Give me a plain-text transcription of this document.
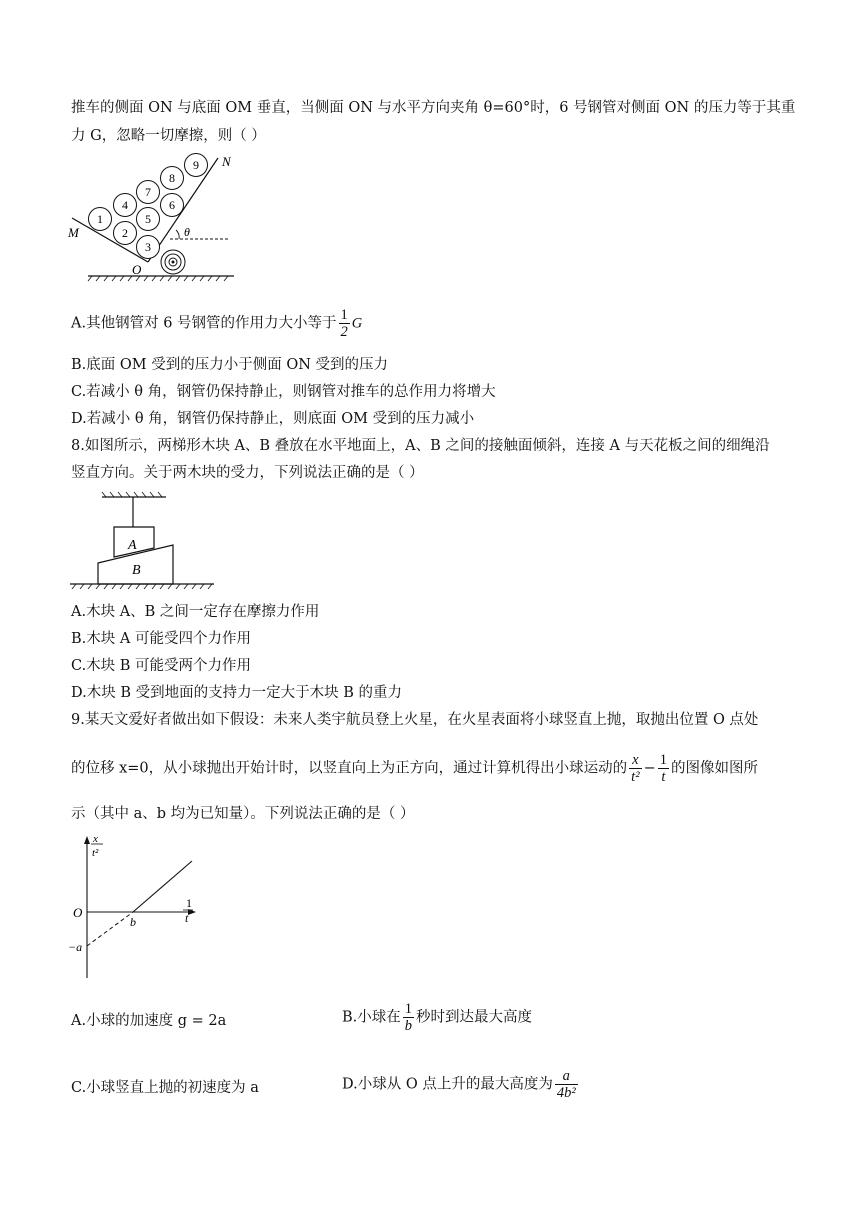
推车的侧面 ON 与底面 OM 垂直，当侧面 ON 与水平方向夹角 θ=60°时，6 号钢管对侧面 ON 的压力等于其重
力 G，忽略一切摩擦，则（ ）
1
2
3
4
5
6
7
8
9
M
N
O
θ
A.其他钢管对 6 号钢管的作用力大小等于 $\frac{1}{2}$ G
B.底面 OM 受到的压力小于侧面 ON 受到的压力
C.若减小 θ 角，钢管仍保持静止，则钢管对推车的总作用力将增大
D.若减小 θ 角，钢管仍保持静止，则底面 OM 受到的压力减小
8.如图所示，两梯形木块 A、B 叠放在水平地面上，A、B 之间的接触面倾斜，连接 A 与天花板之间的细绳沿
竖直方向。关于两木块的受力，下列说法正确的是（ ）
A
B
A.木块 A、B 之间一定存在摩擦力作用
B.木块 A 可能受四个力作用
C.木块 B 可能受两个力作用
D.木块 B 受到地面的支持力一定大于木块 B 的重力
9.某天文爱好者做出如下假设：未来人类宇航员登上火星，在火星表面将小球竖直上抛，取抛出位置 O 点处
的位移 x=0，从小球抛出开始计时，以竖直向上为正方向，通过计算机得出小球运动的 $\frac{x}{\text{t²}} - \frac{1}{t}$ 的图像如图所
示（其中 a、b 均为已知量）。下列说法正确的是（ ）
x
t²
1
t
O
b
−a
A.小球的加速度 g = 2a	B.小球在 $\frac{1}{b}$ 秒时到达最大高度
C.小球竖直上抛的初速度为 a	D.小球从 O 点上升的最大高度为 $\frac{a}{\text{4b²}}$
